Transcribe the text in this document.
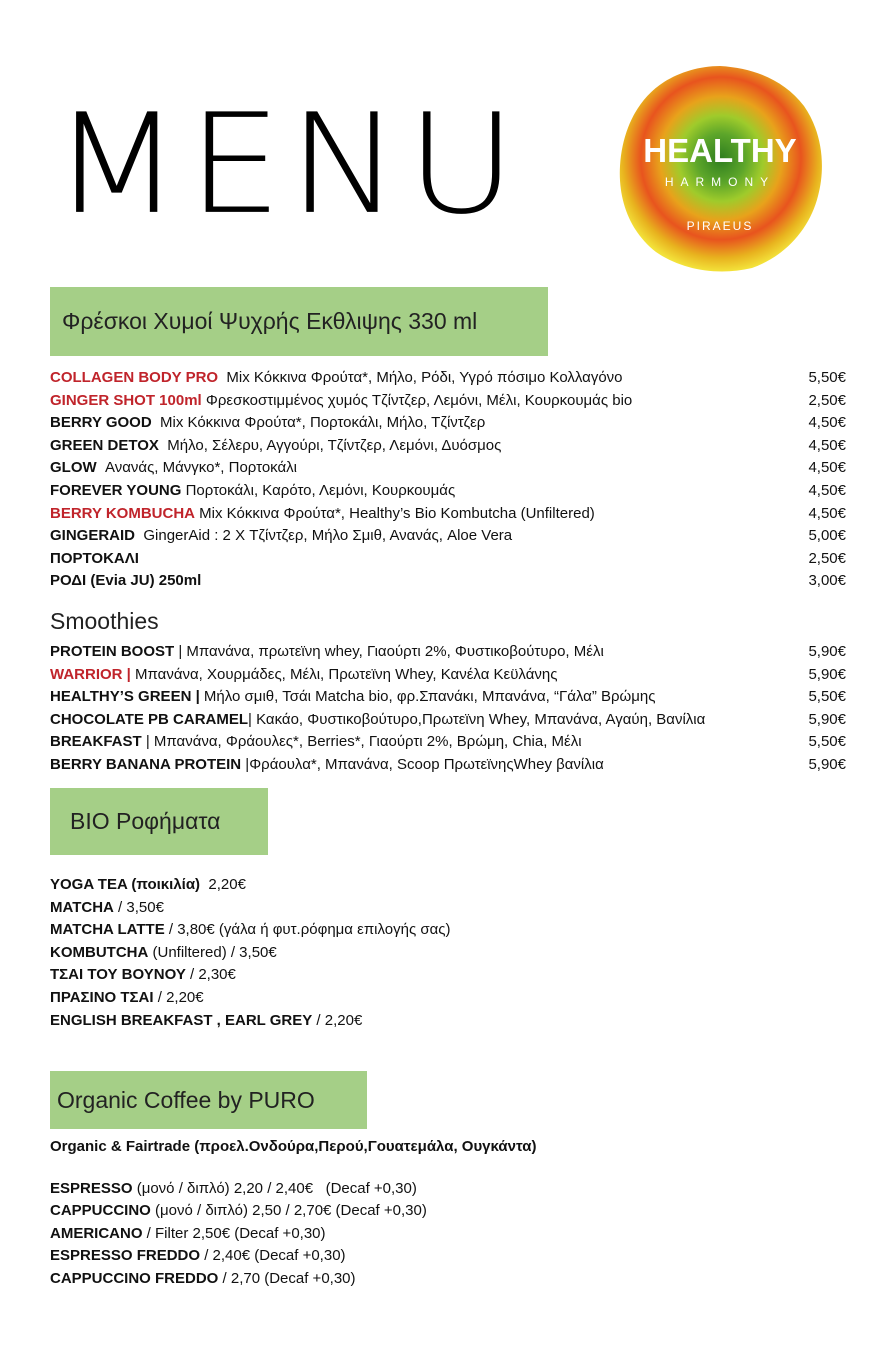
MENU	HEALTHY
HARMONY
PIRAEUS
Φρέσκοι Χυμοί Ψυχρής Εκθλιψης 330 ml
COLLAGEN BODY PRO  Mix Κόκκινα Φρούτα*, Μήλο, Ρόδι, Υγρό πόσιμο Κολλαγόνο	5,50€
GINGER SHOT 100ml Φρεσκοστιμμένος χυμός Τζίντζερ, Λεμόνι, Μέλι, Κουρκουμάς bio	2,50€
BERRY GOOD  Mix Κόκκινα Φρούτα*, Πορτοκάλι, Μήλο, Τζίντζερ	4,50€
GREEN DETOX  Μήλο, Σέλερυ, Αγγούρι, Τζίντζερ, Λεμόνι, Δυόσμος	4,50€
GLOW  Ανανάς, Μάνγκο*, Πορτοκάλι	4,50€
FOREVER YOUNG Πορτοκάλι, Καρότο, Λεμόνι, Κουρκουμάς	4,50€
BERRY KOMBUCHA Mix Κόκκινα Φρούτα*, Healthy’s Bio Kombutcha (Unfiltered)	4,50€
GINGERAID  GingerAid : 2 X Τζίντζερ, Μήλο Σμιθ, Ανανάς, Aloe Vera	5,00€
ΠΟΡΤΟΚΑΛΙ	2,50€
ΡΟΔΙ (Evia JU) 250ml	3,00€
Smoothies
PROTEIN BOOST | Μπανάνα, πρωτεϊνη whey, Γιαούρτι 2%, Φυστικοβούτυρο, Μέλι	5,90€
WARRIOR | Μπανάνα, Χουρμάδες, Μέλι, Πρωτεϊνη Whey, Κανέλα Κεϋλάνης	5,90€
HEALTHY’S GREEN | Μήλο σμιθ, Τσάι Matcha bio, φρ.Σπανάκι, Μπανάνα, “Γάλα” Βρώμης	5,50€
CHOCOLATE PB CARAMEL| Κακάο, Φυστικοβούτυρο,Πρωτεϊνη Whey, Μπανάνα, Αγαύη, Βανίλια	5,90€
BREAKFAST | Μπανάνα, Φράουλες*, Berries*, Γιαούρτι 2%, Βρώμη, Chia, Μέλι	5,50€
BERRY BANANA PROTEIN |Φράουλα*, Μπανάνα, Scoop ΠρωτεϊνηςWhey βανίλια	5,90€
BIO Ροφήματα
YOGA TEA (ποικιλία)  2,20€
MATCHA / 3,50€
MATCHA LATTE / 3,80€ (γάλα ή φυτ.ρόφημα επιλογής σας)
KOMBUTCHA (Unfiltered) / 3,50€
ΤΣΑΙ ΤΟΥ ΒΟΥΝΟΥ / 2,30€
ΠΡΑΣΙΝΟ ΤΣΑΙ / 2,20€
ENGLISH BREAKFAST , EARL GREY / 2,20€
Organic Coffee by PURO
Organic & Fairtrade (προελ.Ονδούρα,Περού,Γουατεμάλα, Ουγκάντα)
ESPRESSO (μονό / διπλό) 2,20 / 2,40€   (Decaf +0,30)
CAPPUCCINO (μονό / διπλό) 2,50 / 2,70€ (Decaf +0,30)
AMERICANO / Filter 2,50€ (Decaf +0,30)
ESPRESSO FREDDO / 2,40€ (Decaf +0,30)
CAPPUCCINO FREDDO / 2,70 (Decaf +0,30)
